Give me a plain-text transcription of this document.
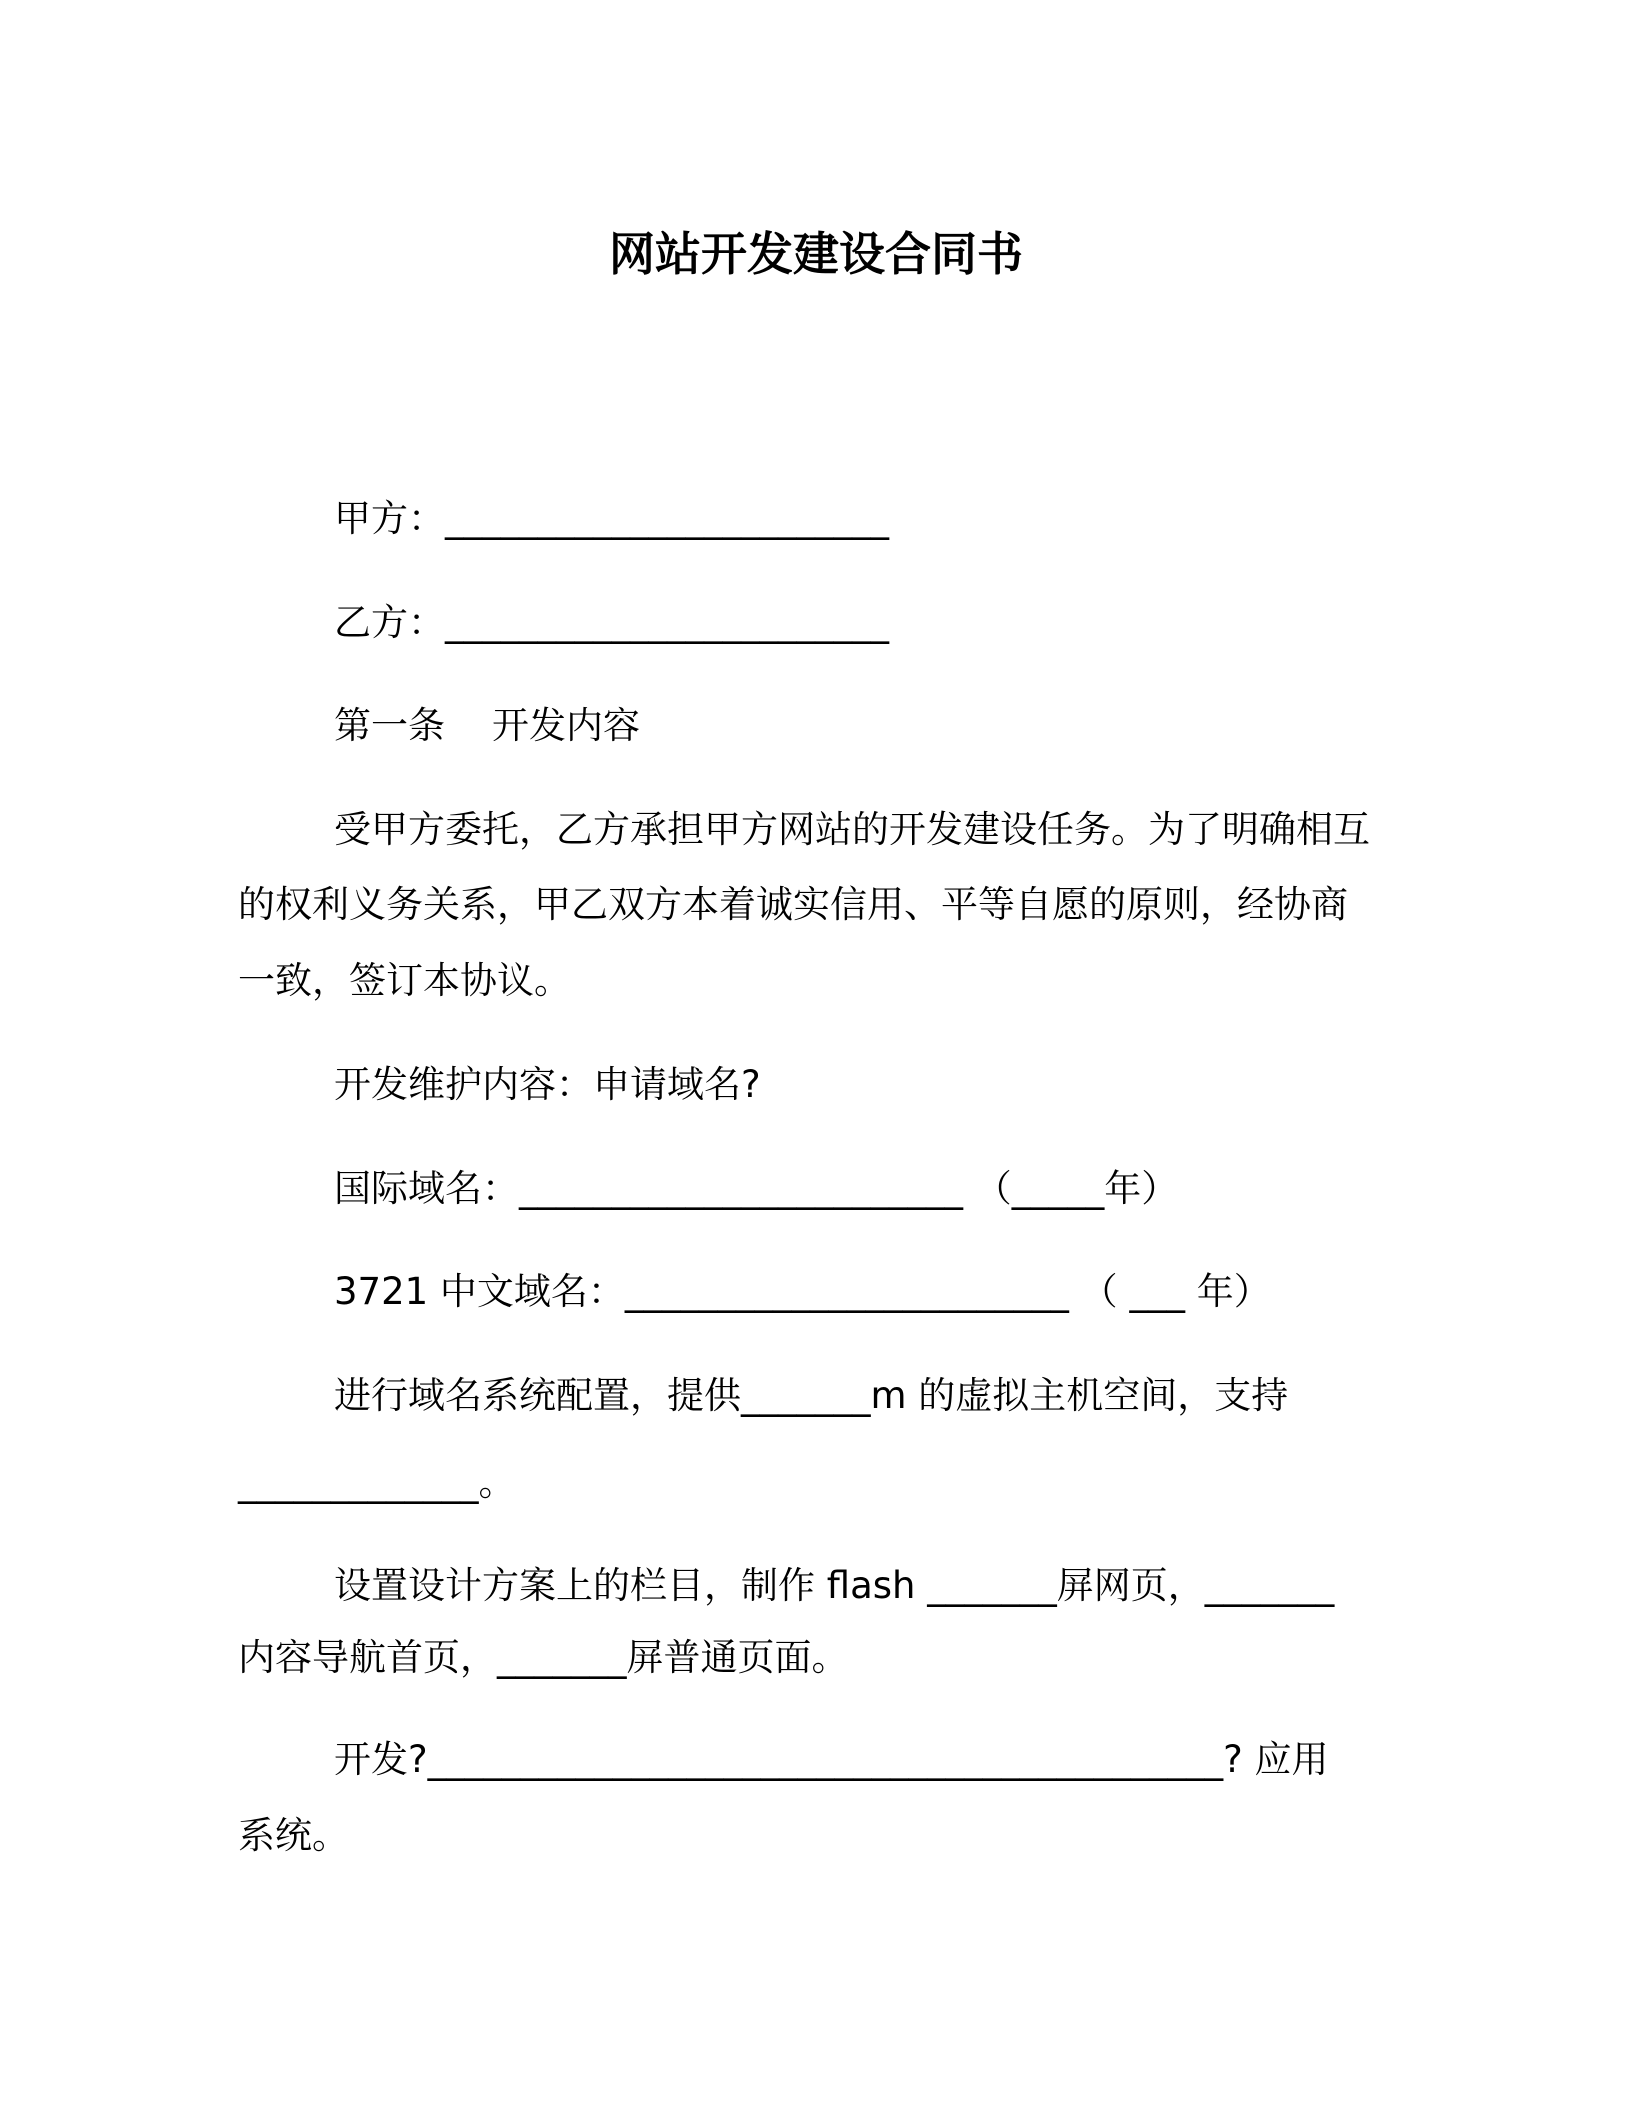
网站开发建设合同书
甲方：________________________
乙方：________________________
第一条    开发内容
受甲方委托，乙方承担甲方网站的开发建设任务。为了明确相互
的权利义务关系，甲乙双方本着诚实信用、平等自愿的原则，经协商
一致，签订本协议。
开发维护内容：申请域名?
国际域名：________________________ （_____年）
3721 中文域名：________________________ （ ___ 年）
进行域名系统配置，提供_______m 的虚拟主机空间，支持
_____________。
设置设计方案上的栏目，制作 flash _______屏网页，_______
内容导航首页，_______屏普通页面。
开发?___________________________________________? 应用
系统。
